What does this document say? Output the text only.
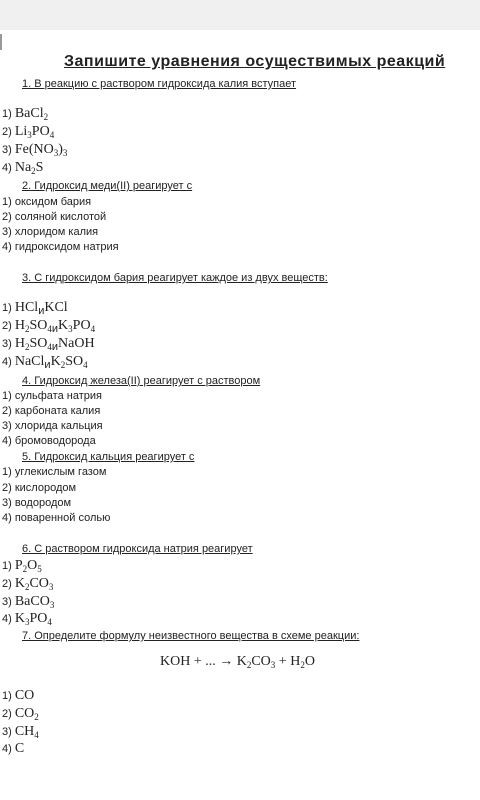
Запишите уравнения осуществимых реакций
1. В реакцию с раствором гидроксида калия вступает
1) BaCl$_2$
2) $Li_3PO_4$
3) $Fe(NO_3)_3$
4) $Na_2S$
2. Гидроксид меди(II) реагирует с
1) оксидом бария
2) соляной кислотой
3) хлоридом калия
4) гидроксидом натрия
3. С гидроксидом бария реагирует каждое из двух веществ:
1) HCl$_и$KCl
2) $H_2SO_{4и}K_3PO_4$
3) $H_2SO_{4и}NaOH$
4) $NaCl_иK_2SO_4$
4. Гидроксид железа(II) реагирует с раствором
1) сульфата натрия
2) карбоната калия
3) хлорида кальция
4) бромоводорода
5. Гидроксид кальция реагирует с
1) углекислым газом
2) кислородом
3) водородом
4) поваренной солью
6. С раствором гидроксида натрия реагирует
1) $P_2O_5$
2) $K_2CO_3$
3) BaCO$_3$
4) $K_3PO_4$
7. Определите формулу неизвестного вещества в схеме реакции:
KOH + ... → $K_2CO_3 + H_2O$
1) CO
2) $CO_2$
3) $CH_4$
4) C
